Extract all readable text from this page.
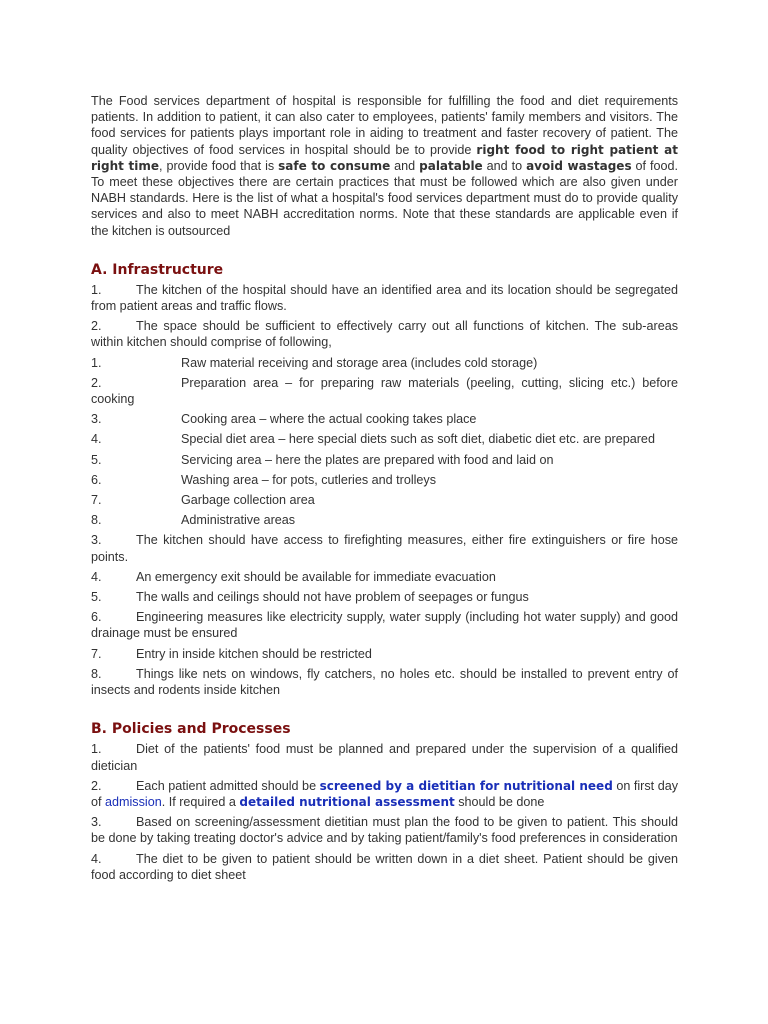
The Food services department of hospital is responsible for fulfilling the food and diet requirements patients. In addition to patient, it can also cater to employees, patients' family members and visitors. The food services for patients plays important role in aiding to treatment and faster recovery of patient. The quality objectives of food services in hospital should be to provide right food to right patient at right time, provide food that is safe to consume and palatable and to avoid wastages of food. To meet these objectives there are certain practices that must be followed which are also given under NABH standards. Here is the list of what a hospital's food services department must do to provide quality services and also to meet NABH accreditation norms. Note that these standards are applicable even if the kitchen is outsourced

A. Infrastructure

1.	The kitchen of the hospital should have an identified area and its location should be segregated from patient areas and traffic flows.

2.	The space should be sufficient to effectively carry out all functions of kitchen. The sub-areas within kitchen should comprise of following,

1.	Raw material receiving and storage area (includes cold storage)

2.	Preparation area – for preparing raw materials (peeling, cutting, slicing etc.) before cooking

3.	Cooking area – where the actual cooking takes place

4.	Special diet area – here special diets such as soft diet, diabetic diet etc. are prepared

5.	Servicing area – here the plates are prepared with food and laid on

6.	Washing area – for pots, cutleries and trolleys

7.	Garbage collection area

8.	Administrative areas

3.	The kitchen should have access to firefighting measures, either fire extinguishers or fire hose points.

4.	An emergency exit should be available for immediate evacuation

5.	The walls and ceilings should not have problem of seepages or fungus

6.	Engineering measures like electricity supply, water supply (including hot water supply) and good drainage must be ensured

7.	Entry in inside kitchen should be restricted

8.	Things like nets on windows, fly catchers, no holes etc. should be installed to prevent entry of insects and rodents inside kitchen

B. Policies and Processes

1.	Diet of the patients' food must be planned and prepared under the supervision of a qualified dietician

2.	Each patient admitted should be screened by a dietitian for nutritional need on first day of admission. If required a detailed nutritional assessment should be done

3.	Based on screening/assessment dietitian must plan the food to be given to patient. This should be done by taking treating doctor's advice and by taking patient/family's food preferences in consideration

4.	The diet to be given to patient should be written down in a diet sheet. Patient should be given food according to diet sheet
